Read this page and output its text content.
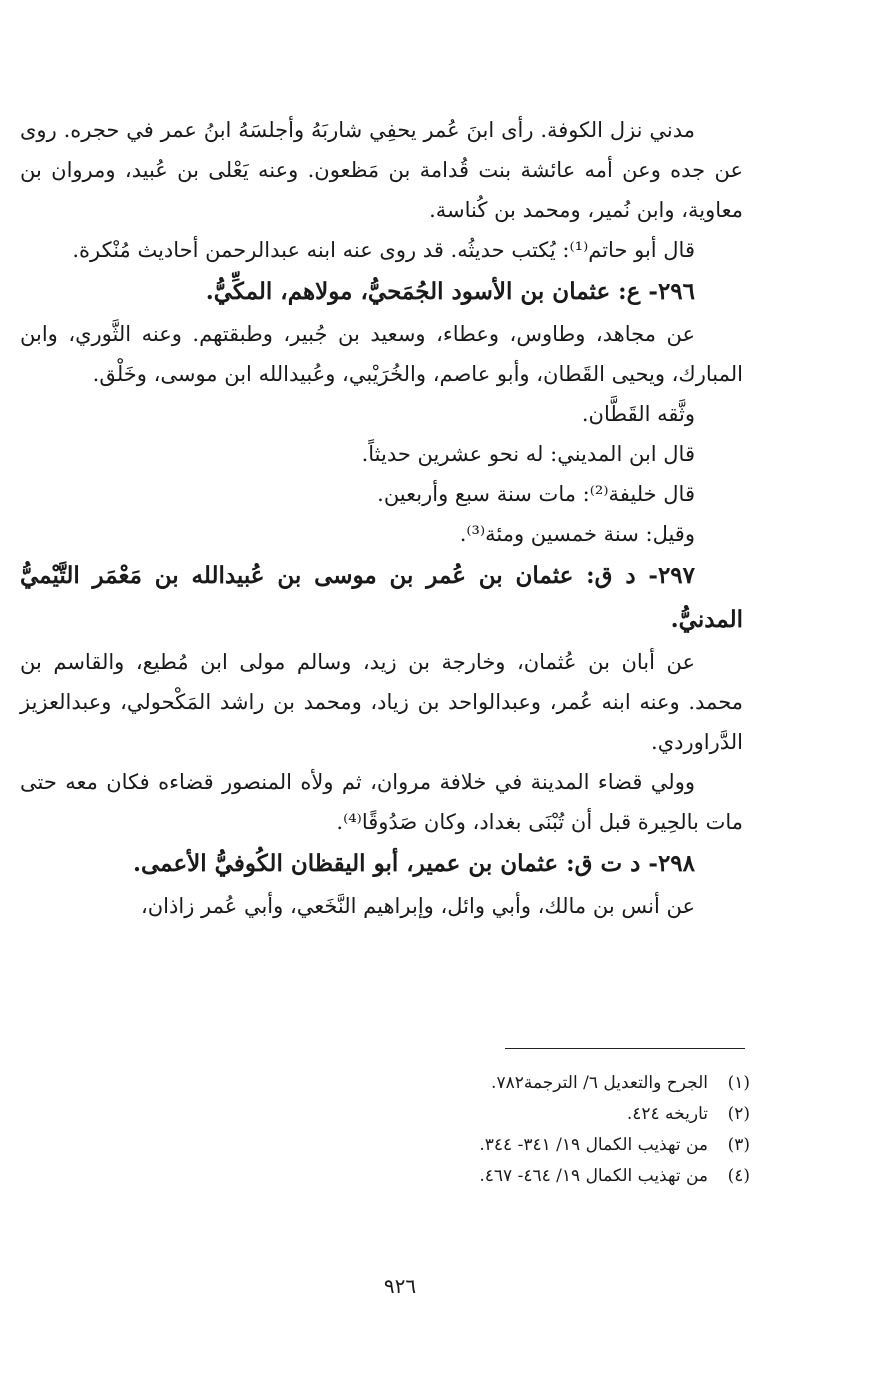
مدني نزل الكوفة. رأى ابنَ عُمر يحفِي شاربَهُ وأجلسَهُ ابنُ عمر في حجره. روى عن جده وعن أمه عائشة بنت قُدامة بن مَظعون. وعنه يَعْلى بن عُبيد، ومروان بن معاوية، وابن نُمير، ومحمد بن كُناسة.

قال أبو حاتم⁽¹⁾: يُكتب حديثُه. قد روى عنه ابنه عبدالرحمن أحاديث مُنْكرة.

٢٩٦- ع: عثمان بن الأسود الجُمَحيُّ، مولاهم، المكِّيُّ.

عن مجاهد، وطاوس، وعطاء، وسعيد بن جُبير، وطبقتهم. وعنه الثَّوري، وابن المبارك، ويحيى القَطان، وأبو عاصم، والخُرَيْبي، وعُبيدالله ابن موسى، وخَلْق.

وثَّقه القَطَّان.

قال ابن المديني: له نحو عشرين حديثاً.

قال خليفة⁽²⁾: مات سنة سبع وأربعين.

وقيل: سنة خمسين ومئة⁽³⁾.

٢٩٧- د ق: عثمان بن عُمر بن موسى بن عُبيدالله بن مَعْمَر التَّيْميُّ المدنيُّ.

عن أبان بن عُثمان، وخارجة بن زيد، وسالم مولى ابن مُطيع، والقاسم بن محمد. وعنه ابنه عُمر، وعبدالواحد بن زياد، ومحمد بن راشد المَكْحولي، وعبدالعزيز الدَّراوردي.

وولي قضاء المدينة في خلافة مروان، ثم ولأه المنصور قضاءه فكان معه حتى مات بالحِيرة قبل أن تُبْنَى بغداد، وكان صَدُوقًا⁽⁴⁾.

٢٩٨- د ت ق: عثمان بن عمير، أبو اليقظان الكُوفيُّ الأعمى.

عن أنس بن مالك، وأبي وائل، وإبراهيم النَّخَعي، وأبي عُمر زاذان،

(١)الجرح والتعديل ٦/ الترجمة٧٨٢.

(٢)تاريخه ٤٢٤.

(٣)من تهذيب الكمال ١٩/ ٣٤١- ٣٤٤.

(٤)من تهذيب الكمال ١٩/ ٤٦٤- ٤٦٧.

٩٢٦
